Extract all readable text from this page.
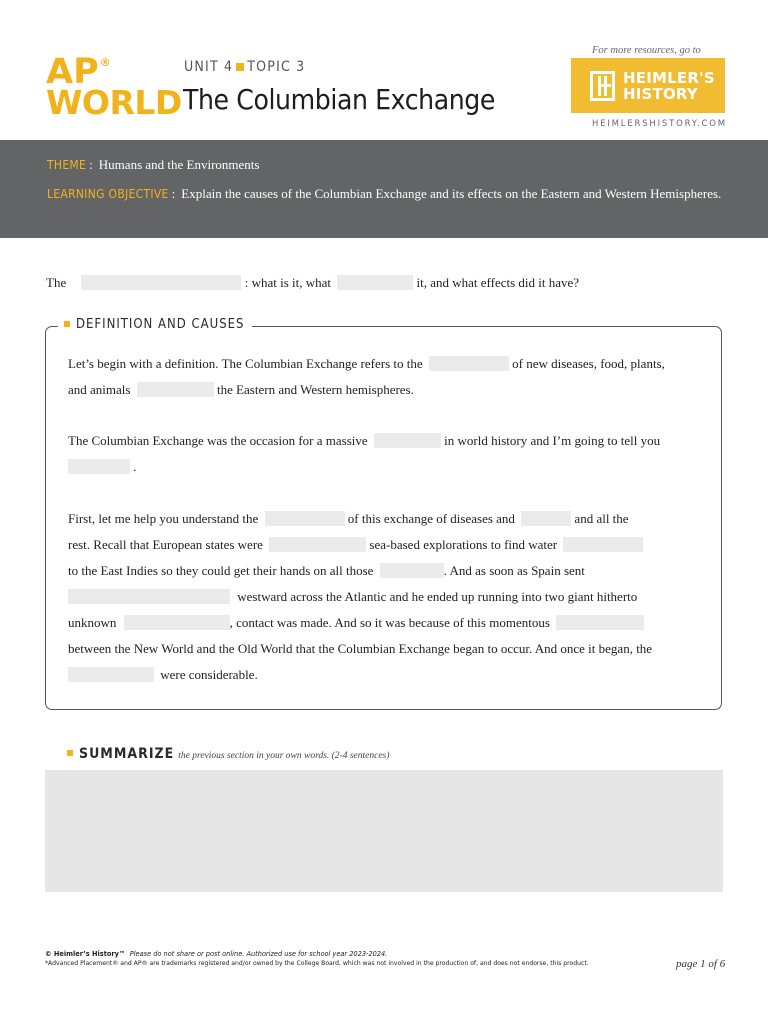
AP ®
WORLD
UNIT 4 TOPIC 3
The Columbian Exchange
For more resources, go to
HEIMLER'S
HISTORY
HEIMLERSHISTORY.COM
THEME : Humans and the Environments
LEARNING OBJECTIVE : Explain the causes of the Columbian Exchange and its effects on the Eastern and Western Hemispheres.
The	: what is it, what	it, and what effects did it have?
DEFINITION AND CAUSES
Let’s begin with a definition. The Columbian Exchange refers to the	of new diseases, food, plants,
and animals	the Eastern and Western hemispheres.
The Columbian Exchange was the occasion for a massive	in world history and I’m going to tell you
.
First, let me help you understand the	of this exchange of diseases and	and all the
rest. Recall that European states were	sea-based explorations to find water
to the East Indies so they could get their hands on all those	. And as soon as Spain sent
westward across the Atlantic and he ended up running into two giant hitherto
unknown	, contact was made. And so it was because of this momentous
between the New World and the Old World that the Columbian Exchange began to occur. And once it began, the
were considerable.
SUMMARIZE the previous section in your own words. (2-4 sentences)
© Heimler’s History™ Please do not share or post online. Authorized use for school year 2023-2024.
*Advanced Placement® and AP® are trademarks registered and/or owned by the College Board, which was not involved in the production of, and does not endorse, this product.	page 1 of 6
